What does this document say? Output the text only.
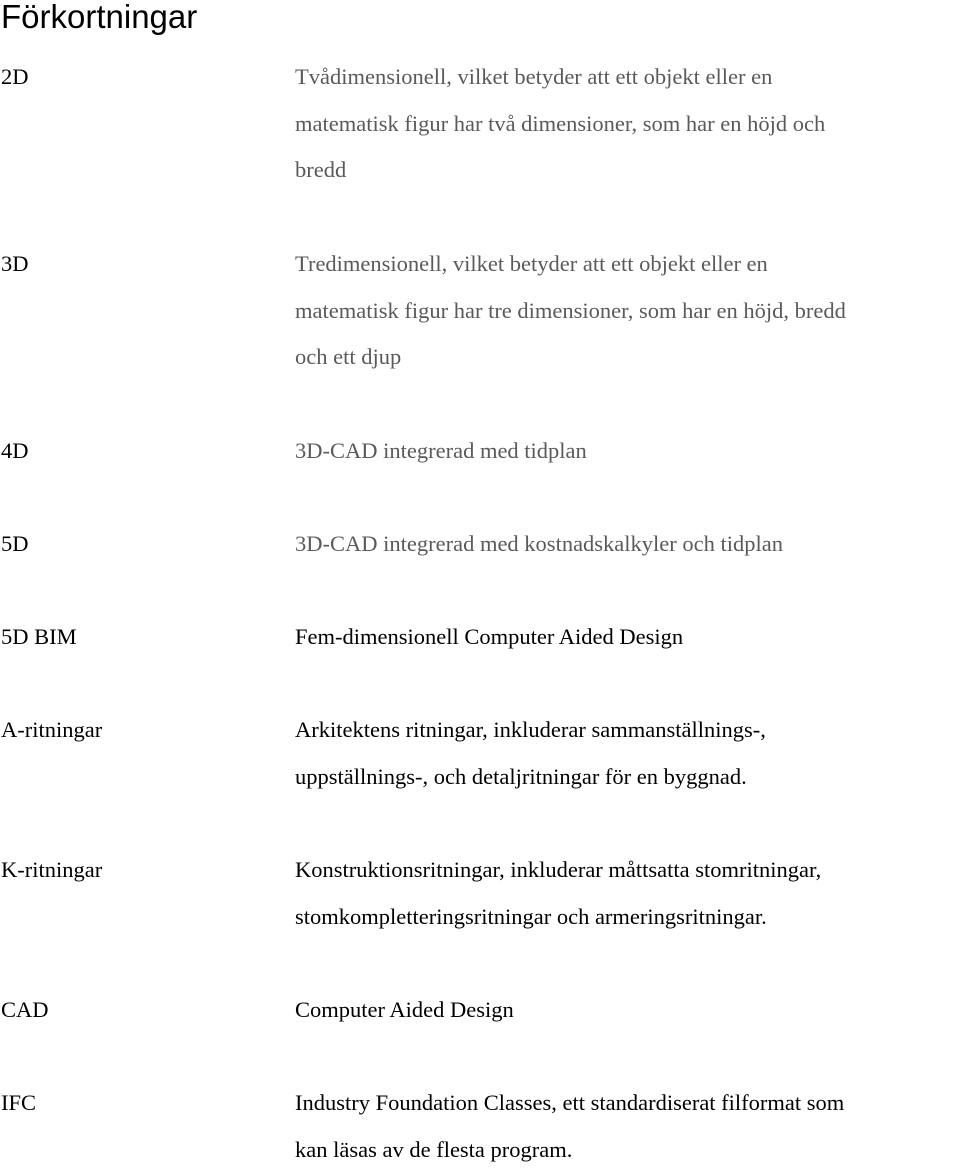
Förkortningar
2D	Tvådimensionell, vilket betyder att ett objekt eller en
matematisk figur har två dimensioner, som har en höjd och
bredd
3D	Tredimensionell, vilket betyder att ett objekt eller en
matematisk figur har tre dimensioner, som har en höjd, bredd
och ett djup
4D	3D-CAD integrerad med tidplan
5D	3D-CAD integrerad med kostnadskalkyler och tidplan
5D BIM	Fem-dimensionell Computer Aided Design
A-ritningar	Arkitektens ritningar, inkluderar sammanställnings-,
uppställnings-, och detaljritningar för en byggnad.
K-ritningar	Konstruktionsritningar, inkluderar måttsatta stomritningar,
stomkompletteringsritningar och armeringsritningar.
CAD	Computer Aided Design
IFC	Industry Foundation Classes, ett standardiserat filformat som
kan läsas av de flesta program.
